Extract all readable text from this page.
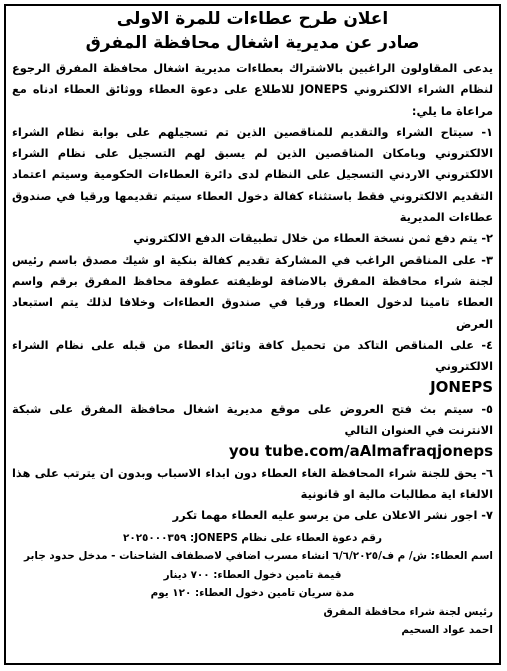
اعلان طرح عطاءات للمرة الاولى

صادر عن مديرية اشغال محافظة المفرق

يدعى المقاولون الراغبين بالاشتراك بعطاءات مديرية اشغال محافظة المفرق الرجوع لنظام الشراء الالكتروني JONEPS للاطلاع على دعوة العطاء ووثائق العطاء ادناه مع مراعاة ما يلي:

١- سيتاح الشراء والتقديم للمناقصين الذين تم تسجيلهم على بوابة نظام الشراء الالكتروني وبامكان المناقصين الذين لم يسبق لهم التسجيل على نظام الشراء الالكتروني الاردني التسجيل على النظام لدى دائرة العطاءات الحكومية وسيتم اعتماد التقديم الالكتروني فقط باستثناء كفالة دخول العطاء سيتم تقديمها ورقيا في صندوق عطاءات المديرية

٢- يتم دفع ثمن نسخة العطاء من خلال تطبيقات الدفع الالكتروني

٣- على المناقص الراغب في المشاركة تقديم كفالة بنكية او شيك مصدق باسم رئيس لجنة شراء محافظة المفرق بالاضافة لوظيفته عطوفة محافظ المفرق برقم واسم العطاء تامينا لدخول العطاء ورقيا في صندوق العطاءات وخلافا لذلك يتم استبعاد العرض

٤- على المناقص التاكد من تحميل كافة وثائق العطاء من قبله على نظام الشراء الالكتروني

JONEPS

٥- سيتم بث فتح العروض على موقع مديرية اشغال محافظة المفرق على شبكة الانترنت في العنوان التالي

you tube.com/aAlmafraqjoneps

٦- يحق للجنة شراء المحافظة الغاء العطاء دون ابداء الاسباب وبدون ان يترتب على هذا الالغاء اية مطالبات مالية او قانونية

٧- اجور نشر الاعلان على من يرسو عليه العطاء مهما تكرر

رقم دعوة العطاء على نظام JONEPS: ٢٠٢٥٠٠٠٣٥٩

اسم العطاء: ش/ م ف/٦/٦/٢٠٢٥ انشاء مسرب اضافي لاصطفاف الشاحنات - مدخل حدود جابر

قيمة تامين دخول العطاء: ٧٠٠ دينار

مدة سريان تامين دخول العطاء: ١٢٠ يوم

رئيس لجنة شراء محافظة المفرق

احمد عواد السحيم
